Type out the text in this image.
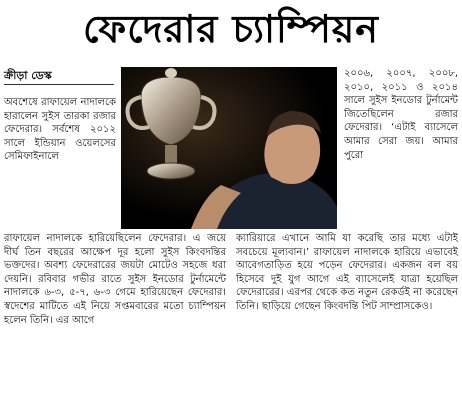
ফেদেরার চ্যাম্পিয়ন
ক্রীড়া ডেস্ক
অবশেষে রাফায়েল নাদালকে হারালেন সুইস তারকা রজার ফেদেরার। সর্বশেষ ২০১২ সালে ইন্ডিয়ান ওয়েলসের সেমিফাইনালে
২০০৬, ২০০৭, ২০০৮, ২০১০, ২০১১ ও ২০১৪ সালে সুইস ইনডোর টুর্নামেন্ট জিতেছিলেন রজার ফেদেরার। ‘এটাই ব্যাসেলে আমার সেরা জয়। আমার পুরো
রাফায়েল নাদালকে হারিয়েছিলেন ফেদেরার। এ জয়ে দীর্ঘ তিন বছরের আক্ষেপ দূর হলো সুইস কিংবদন্তির ভক্তদের। অবশ্য ফেদেরারের জয়টা মোটেও সহজে ধরা দেয়নি। রবিবার গভীর রাতে সুইস ইনডোর টুর্নামেন্টে নাদালকে ৬-৩, ৫-৭, ৬-৩ গেমে হারিয়েছেন ফেদেরার। স্বদেশের মাটিতে এই নিয়ে সপ্তমবারের মতো চ্যাম্পিয়ন হলেন তিনি। এর আগে
ক্যারিয়ারে এখানে আমি যা করেছি তার মধ্যে এটাই সবচেয়ে মূল্যবান।’ রাফায়েল নাদালকে হারিয়ে এভাবেই আবেগতাড়িত হয়ে পড়েন ফেদেরার। একজন বল বয় হিসেবে দুই যুগ আগে এই ব্যাসেলেই যাত্রা হয়েছিল ফেদেরারের। এরপর থেকে কত নতুন রেকর্ডই না করেছেন তিনি। ছাড়িয়ে গেছেন কিংবদন্তি পিট সাম্প্রাসকেও।
